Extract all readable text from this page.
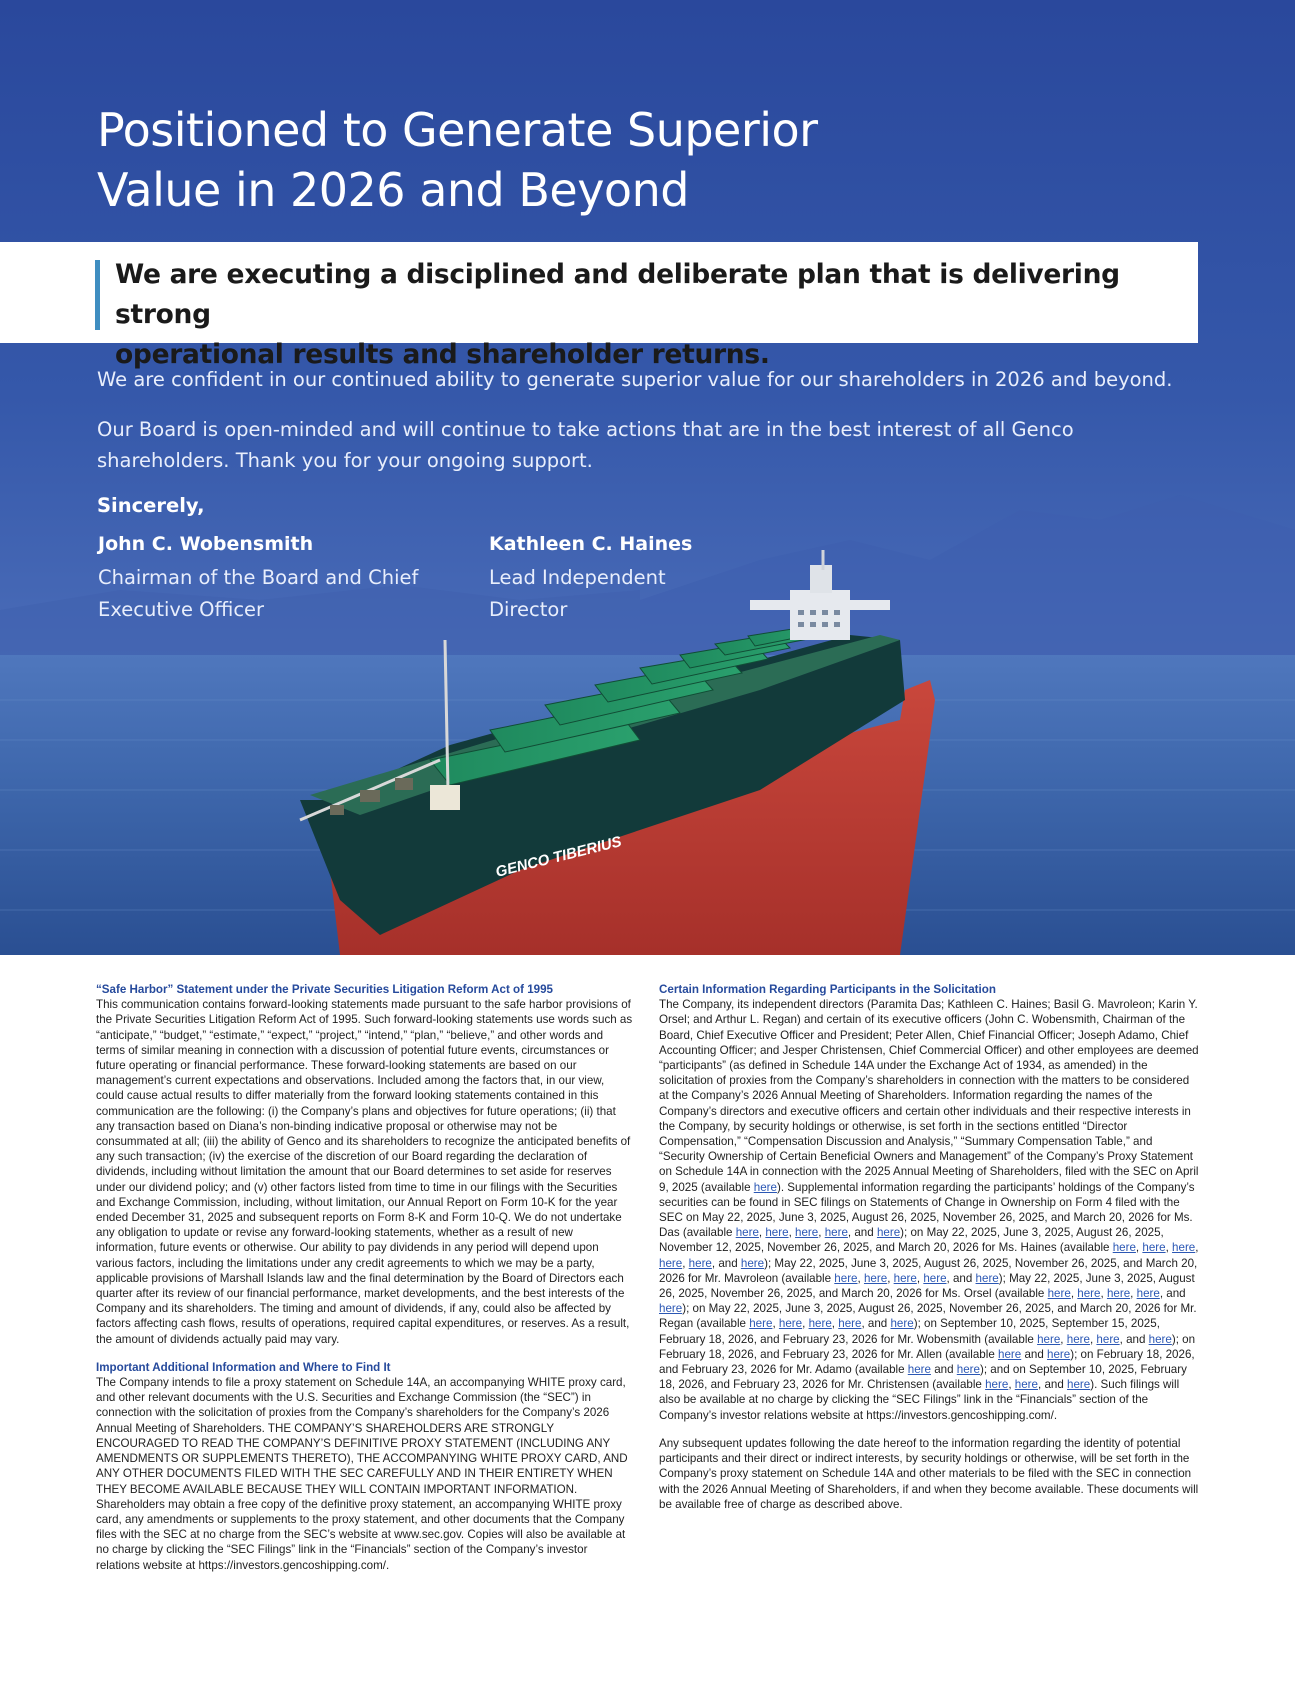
GENCO TIBERIUS
Positioned to Generate Superior
Value in 2026 and Beyond
We are executing a disciplined and deliberate plan that is delivering strong
operational results and shareholder returns.
We are confident in our continued ability to generate superior value for our shareholders in 2026 and beyond.
Our Board is open-minded and will continue to take actions that are in the best interest of all Genco
shareholders. Thank you for your ongoing support.
Sincerely,
John C. Wobensmith
Chairman of the Board and Chief
Executive Officer
Kathleen C. Haines
Lead Independent
Director
“Safe Harbor” Statement under the Private Securities Litigation Reform Act of 1995
This communication contains forward-looking statements made pursuant to the safe harbor provisions of the Private Securities Litigation Reform Act of 1995. Such forward-looking statements use words such as “anticipate,” “budget,” “estimate,” “expect,” “project,” “intend,” “plan,” “believe,” and other words and terms of similar meaning in connection with a discussion of potential future events, circumstances or future operating or financial performance. These forward-looking statements are based on our management’s current expectations and observations. Included among the factors that, in our view, could cause actual results to differ materially from the forward looking statements contained in this communication are the following: (i) the Company’s plans and objectives for future operations; (ii) that any transaction based on Diana’s non-binding indicative proposal or otherwise may not be consummated at all; (iii) the ability of Genco and its shareholders to recognize the anticipated benefits of any such transaction; (iv) the exercise of the discretion of our Board regarding the declaration of dividends, including without limitation the amount that our Board determines to set aside for reserves under our dividend policy; and (v) other factors listed from time to time in our filings with the Securities and Exchange Commission, including, without limitation, our Annual Report on Form 10-K for the year ended December 31, 2025 and subsequent reports on Form 8-K and Form 10-Q. We do not undertake any obligation to update or revise any forward-looking statements, whether as a result of new information, future events or otherwise. Our ability to pay dividends in any period will depend upon various factors, including the limitations under any credit agreements to which we may be a party, applicable provisions of Marshall Islands law and the final determination by the Board of Directors each quarter after its review of our financial performance, market developments, and the best interests of the Company and its shareholders. The timing and amount of dividends, if any, could also be affected by factors affecting cash flows, results of operations, required capital expenditures, or reserves. As a result, the amount of dividends actually paid may vary.
Important Additional Information and Where to Find It
The Company intends to file a proxy statement on Schedule 14A, an accompanying WHITE proxy card, and other relevant documents with the U.S. Securities and Exchange Commission (the “SEC”) in connection with the solicitation of proxies from the Company’s shareholders for the Company’s 2026 Annual Meeting of Shareholders. THE COMPANY’S SHAREHOLDERS ARE STRONGLY ENCOURAGED TO READ THE COMPANY’S DEFINITIVE PROXY STATEMENT (INCLUDING ANY AMENDMENTS OR SUPPLEMENTS THERETO), THE ACCOMPANYING WHITE PROXY CARD, AND ANY OTHER DOCUMENTS FILED WITH THE SEC CAREFULLY AND IN THEIR ENTIRETY WHEN THEY BECOME AVAILABLE BECAUSE THEY WILL CONTAIN IMPORTANT INFORMATION. Shareholders may obtain a free copy of the definitive proxy statement, an accompanying WHITE proxy card, any amendments or supplements to the proxy statement, and other documents that the Company files with the SEC at no charge from the SEC’s website at www.sec.gov. Copies will also be available at no charge by clicking the “SEC Filings” link in the “Financials” section of the Company’s investor relations website at https://investors.gencoshipping.com/.
Certain Information Regarding Participants in the Solicitation
The Company, its independent directors (Paramita Das; Kathleen C. Haines; Basil G. Mavroleon; Karin Y. Orsel; and Arthur L. Regan) and certain of its executive officers (John C. Wobensmith, Chairman of the Board, Chief Executive Officer and President; Peter Allen, Chief Financial Officer; Joseph Adamo, Chief Accounting Officer; and Jesper Christensen, Chief Commercial Officer) and other employees are deemed “participants” (as defined in Schedule 14A under the Exchange Act of 1934, as amended) in the solicitation of proxies from the Company’s shareholders in connection with the matters to be considered at the Company’s 2026 Annual Meeting of Shareholders. Information regarding the names of the Company’s directors and executive officers and certain other individuals and their respective interests in the Company, by security holdings or otherwise, is set forth in the sections entitled “Director Compensation,” “Compensation Discussion and Analysis,” “Summary Compensation Table,” and “Security Ownership of Certain Beneficial Owners and Management” of the Company’s Proxy Statement on Schedule 14A in connection with the 2025 Annual Meeting of Shareholders, filed with the SEC on April 9, 2025 (available here). Supplemental information regarding the participants’ holdings of the Company’s securities can be found in SEC filings on Statements of Change in Ownership on Form 4 filed with the SEC on May 22, 2025, June 3, 2025, August 26, 2025, November 26, 2025, and March 20, 2026 for Ms. Das (available here, here, here, here, and here); on May 22, 2025, June 3, 2025, August 26, 2025, November 12, 2025, November 26, 2025, and March 20, 2026 for Ms. Haines (available here, here, here, here, here, and here); May 22, 2025, June 3, 2025, August 26, 2025, November 26, 2025, and March 20, 2026 for Mr. Mavroleon (available here, here, here, here, and here); May 22, 2025, June 3, 2025, August 26, 2025, November 26, 2025, and March 20, 2026 for Ms. Orsel (available here, here, here, here, and here); on May 22, 2025, June 3, 2025, August 26, 2025, November 26, 2025, and March 20, 2026 for Mr. Regan (available here, here, here, here, and here); on September 10, 2025, September 15, 2025, February 18, 2026, and February 23, 2026 for Mr. Wobensmith (available here, here, here, and here); on February 18, 2026, and February 23, 2026 for Mr. Allen (available here and here); on February 18, 2026, and February 23, 2026 for Mr. Adamo (available here and here); and on September 10, 2025, February 18, 2026, and February 23, 2026 for Mr. Christensen (available here, here, and here). Such filings will also be available at no charge by clicking the “SEC Filings” link in the “Financials” section of the Company’s investor relations website at https://investors.gencoshipping.com/.
Any subsequent updates following the date hereof to the information regarding the identity of potential participants and their direct or indirect interests, by security holdings or otherwise, will be set forth in the Company’s proxy statement on Schedule 14A and other materials to be filed with the SEC in connection with the 2026 Annual Meeting of Shareholders, if and when they become available. These documents will be available free of charge as described above.
